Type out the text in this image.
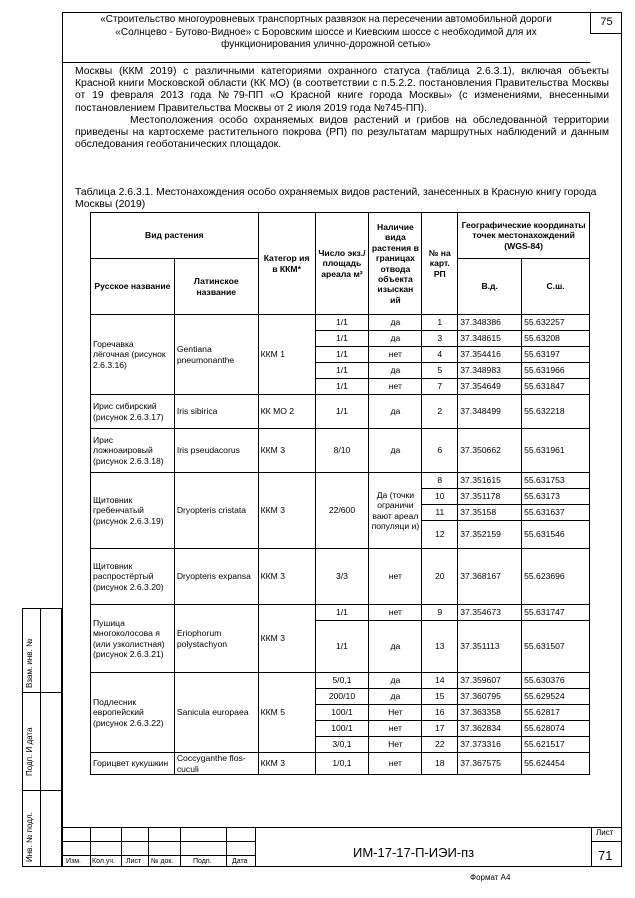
«Строительство многоуровневых транспортных развязок на пересечении автомобильной дороги
«Солнцево - Бутово-Видное» с Боровским шоссе и Киевским шоссе с необходимой для их
функционирования улично-дорожной сетью»
75

Москвы (ККМ 2019) с различными категориями охранного статуса (таблица 2.6.3.1), включая объекты Красной книги Московской области (КК МО) (в соответствии с п.5.2.2. постановления Правительства Москвы от 19 февраля 2013 года №79-ПП «О Красной книге города Москвы» (с изменениями, внесенными постановлением Правительства Москвы от 2 июля 2019 года №745-ПП).

Местоположения особо охраняемых видов растений и грибов на обследованной территории приведены на картосхеме растительного покрова (РП) по результатам маршрутных наблюдений и данным обследования геоботанических площадок.

Таблица 2.6.3.1. Местонахождения особо охраняемых видов растений, занесенных в Красную книгу города Москвы (2019)
Вид растения		Категор ия в ККМ*	Число экз./ площадь ареала м²	Наличие вида растения в границах отвода объекта изыскан ий	№ на карт. РП	Географические координаты точек местонахождений (WGS-84)	
Русское название	Латинское название					В.д.	С.ш.
Горечавка лёгочная (рисунок 2.6.3.16)	Gentiana pneumonanthe	ККМ 1	1/1	да	1	37.348386	55.632257
			1/1	да	3	37.348615	55.63208
			1/1	нет	4	37.354416	55.63197
			1/1	да	5	37.348983	55.631966
			1/1	нет	7	37.354649	55.631847
Ирис сибирский (рисунок 2.6.3.17)	Iris sibirica	КК МО 2	1/1	да	2	37.348499	55.632218
Ирис ложноаировый (рисунок 2.6.3.18)	Iris pseudacorus	ККМ 3	8/10	да	6	37.350662	55.631961
Щитовник гребенчатый (рисунок 2.6.3.19)	Dryopteris cristata	ККМ 3	22/600	Да (точки ограничи вают ареал популяци и)	8	37.351615	55.631753
					10	37.351178	55.63173
					11	37.35158	55.631637
					12	37.352159	55.631546
Щитовник распростёртый (рисунок 2.6.3.20)	Dryopteris expansa	ККМ 3	3/3	нет	20	37.368167	55.623696
Пушица многоколосова я (или узколистная) (рисунок 2.6.3.21)	Eriophorum polystachyon	ККМ 3	1/1	нет	9	37.354673	55.631747
			1/1	да	13	37.351113	55.631507
Подлесник европейский (рисунок 2.6.3.22)	Sanicula europaea	ККМ 5	5/0,1	да	14	37.359607	55.630376
			200/10	да	15	37.360795	55.629524
			100/1	Нет	16	37.363358	55.62817
			100/1	нет	17	37.362834	55.628074
			3/0,1	Нет	22	37.373316	55.621517
Горицвет кукушкин	Coccyganthe flos-cuculi	ККМ 3	1/0,1	нет	18	37.367575	55.624454
Взам. инв. №
Подп. И дата
Инв. № подл.	Изм. Кол.уч. Лист № док.	Подп.	Дата
ИМ-17-17-П-ИЭИ-пз
Лист
71
Формат А4
